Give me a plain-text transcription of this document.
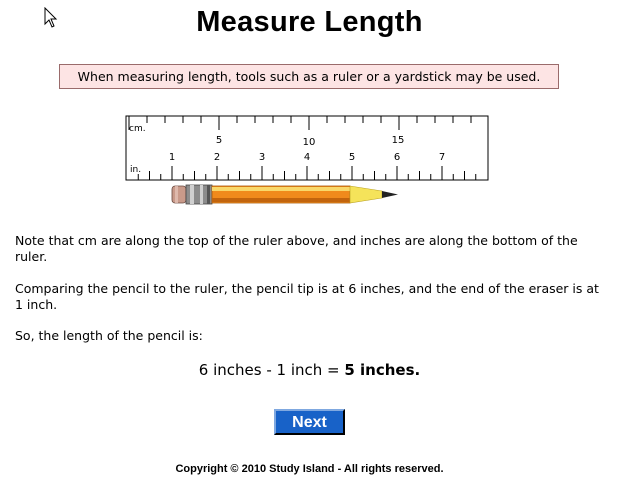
Measure Length
When measuring length, tools such as a ruler or a yardstick may be used.
cm.
in.
5	10	15
1	2	3	4	5	6	7

Note that cm are along the top of the ruler above, and inches are along the bottom of the ruler.

Comparing the pencil to the ruler, the pencil tip is at 6 inches, and the end of the eraser is at 1 inch.

So, the length of the pencil is:

6 inches - 1 inch = 5 inches.
Next
Copyright © 2010 Study Island - All rights reserved.
